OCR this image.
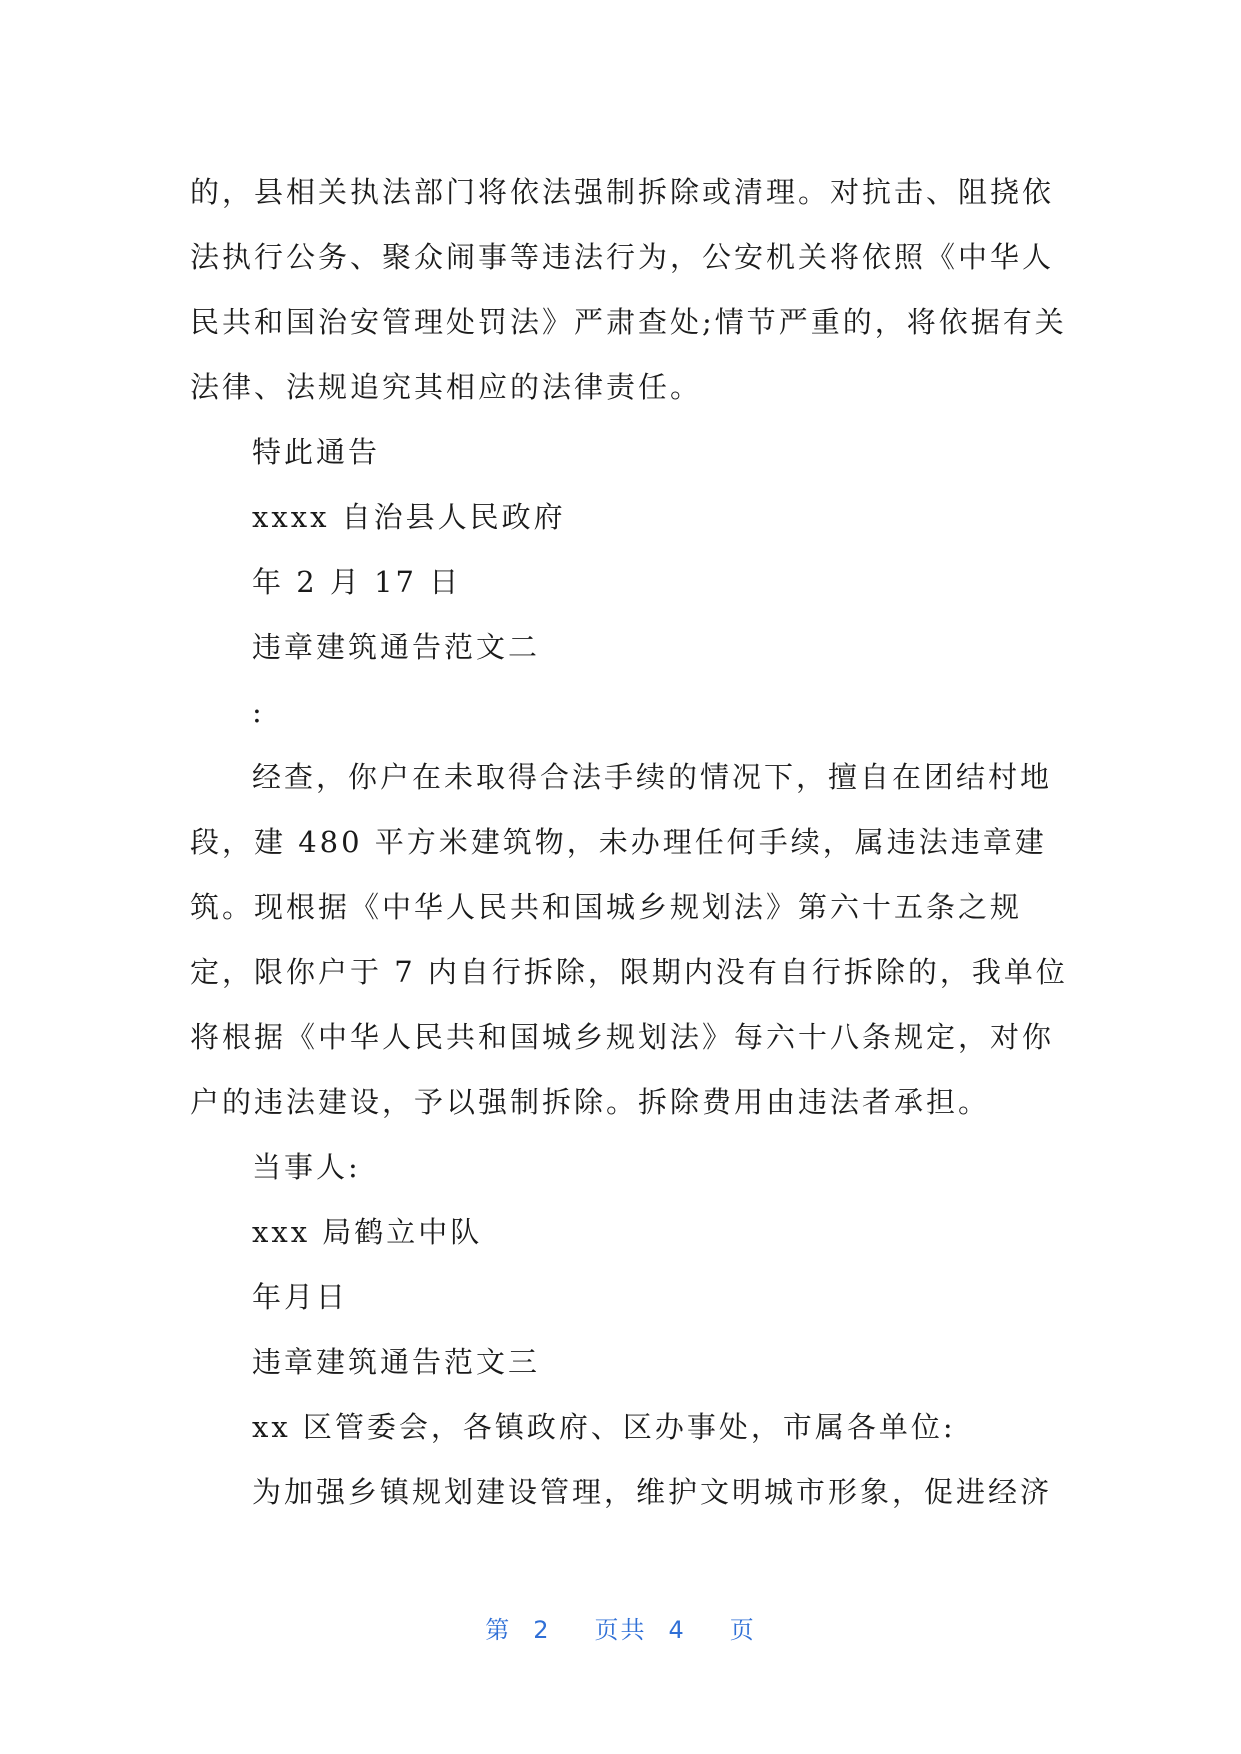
的，县相关执法部门将依法强制拆除或清理。对抗击、阻挠依
法执行公务、聚众闹事等违法行为，公安机关将依照《中华人
民共和国治安管理处罚法》严肃查处;情节严重的，将依据有关
法律、法规追究其相应的法律责任。
特此通告
xxxx 自治县人民政府
年 2 月 17 日
违章建筑通告范文二
:
经查，你户在未取得合法手续的情况下，擅自在团结村地
段，建 480 平方米建筑物，未办理任何手续，属违法违章建
筑。现根据《中华人民共和国城乡规划法》第六十五条之规
定，限你户于 7 内自行拆除，限期内没有自行拆除的，我单位
将根据《中华人民共和国城乡规划法》每六十八条规定，对你
户的违法建设，予以强制拆除。拆除费用由违法者承担。
当事人:
xxx 局鹤立中队
年月日
违章建筑通告范文三
xx 区管委会，各镇政府、区办事处，市属各单位:
为加强乡镇规划建设管理，维护文明城市形象，促进经济
第 2 页共 4 页
